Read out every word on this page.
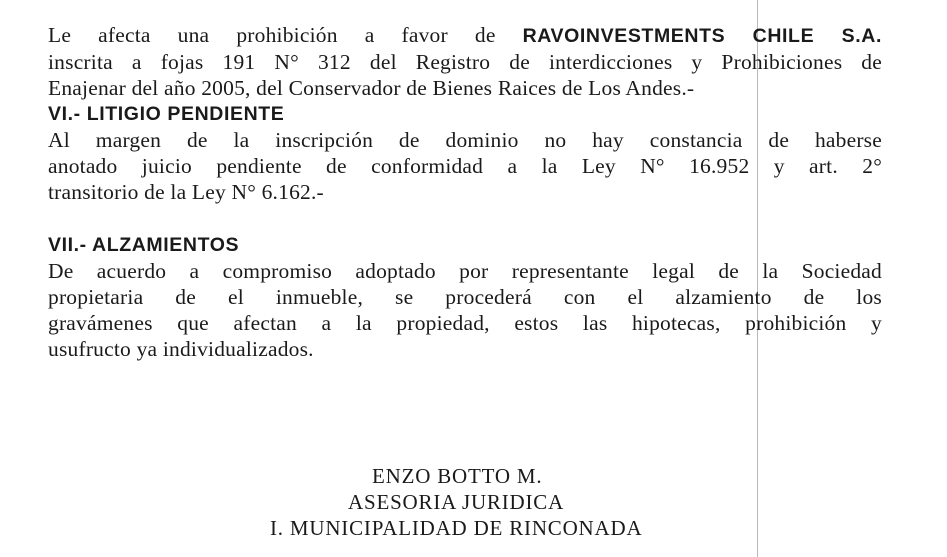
Le afecta una prohibición a favor de RAVOINVESTMENTS CHILE S.A.
inscrita a fojas 191 N° 312 del Registro de interdicciones y Prohibiciones de
Enajenar del año 2005, del Conservador de Bienes Raices de Los Andes.-
VI.- LITIGIO PENDIENTE
Al margen de la inscripción de dominio no hay constancia de haberse
anotado juicio pendiente de conformidad a la Ley N° 16.952 y art. 2°
transitorio de la Ley N° 6.162.-
VII.- ALZAMIENTOS
De acuerdo a compromiso adoptado por representante legal de la Sociedad
propietaria de el inmueble, se procederá con el alzamiento de los
gravámenes que afectan a la propiedad, estos las hipotecas, prohibición y
usufructo ya individualizados.
ENZO BOTTO M.
ASESORIA JURIDICA
I. MUNICIPALIDAD DE RINCONADA
